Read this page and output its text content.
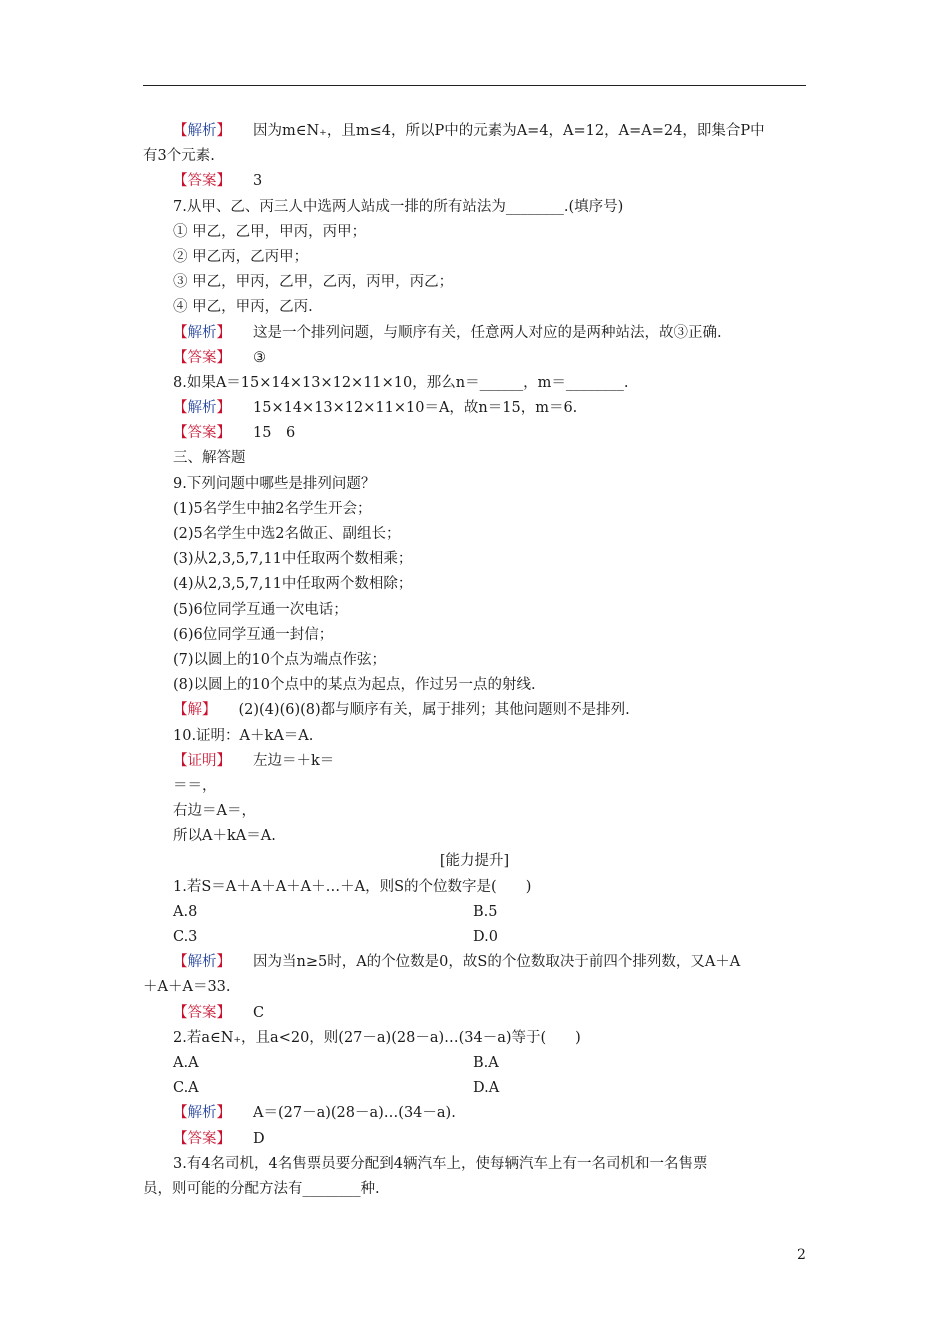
【解析】 因为m∈N₊，且m≤4，所以P中的元素为A=4，A=12，A=A=24，即集合P中
有3个元素.
【答案】 3
7.从甲、乙、丙三人中选两人站成一排的所有站法为________.(填序号)
① 甲乙，乙甲，甲丙，丙甲；
② 甲乙丙，乙丙甲；
③ 甲乙，甲丙，乙甲，乙丙，丙甲，丙乙；
④ 甲乙，甲丙，乙丙.
【解析】 这是一个排列问题，与顺序有关，任意两人对应的是两种站法，故③正确.
【答案】 ③
8.如果A＝15×14×13×12×11×10，那么n＝______，m＝________.
【解析】 15×14×13×12×11×10＝A，故n＝15，m＝6.
【答案】 15　6
三、解答题
9.下列问题中哪些是排列问题？
(1)5名学生中抽2名学生开会；
(2)5名学生中选2名做正、副组长；
(3)从2,3,5,7,11中任取两个数相乘；
(4)从2,3,5,7,11中任取两个数相除；
(5)6位同学互通一次电话；
(6)6位同学互通一封信；
(7)以圆上的10个点为端点作弦；
(8)以圆上的10个点中的某点为起点，作过另一点的射线.
【解】 (2)(4)(6)(8)都与顺序有关，属于排列；其他问题则不是排列.
10.证明：A＋kA＝A.
【证明】 左边＝＋k＝
＝＝，
右边＝A＝，
所以A＋kA＝A.
[能力提升]
1.若S＝A＋A＋A＋A＋…＋A，则S的个位数字是(　　)
A.8	B.5
C.3	D.0
【解析】 因为当n≥5时，A的个位数是0，故S的个位数取决于前四个排列数，又A＋A
＋A＋A＝33.
【答案】 C
2.若a∈N₊，且a<20，则(27－a)(28－a)…(34－a)等于(　　)
A.A	B.A
C.A	D.A
【解析】 A＝(27－a)(28－a)…(34－a).
【答案】 D
3.有4名司机，4名售票员要分配到4辆汽车上，使每辆汽车上有一名司机和一名售票
员，则可能的分配方法有________种.
2
